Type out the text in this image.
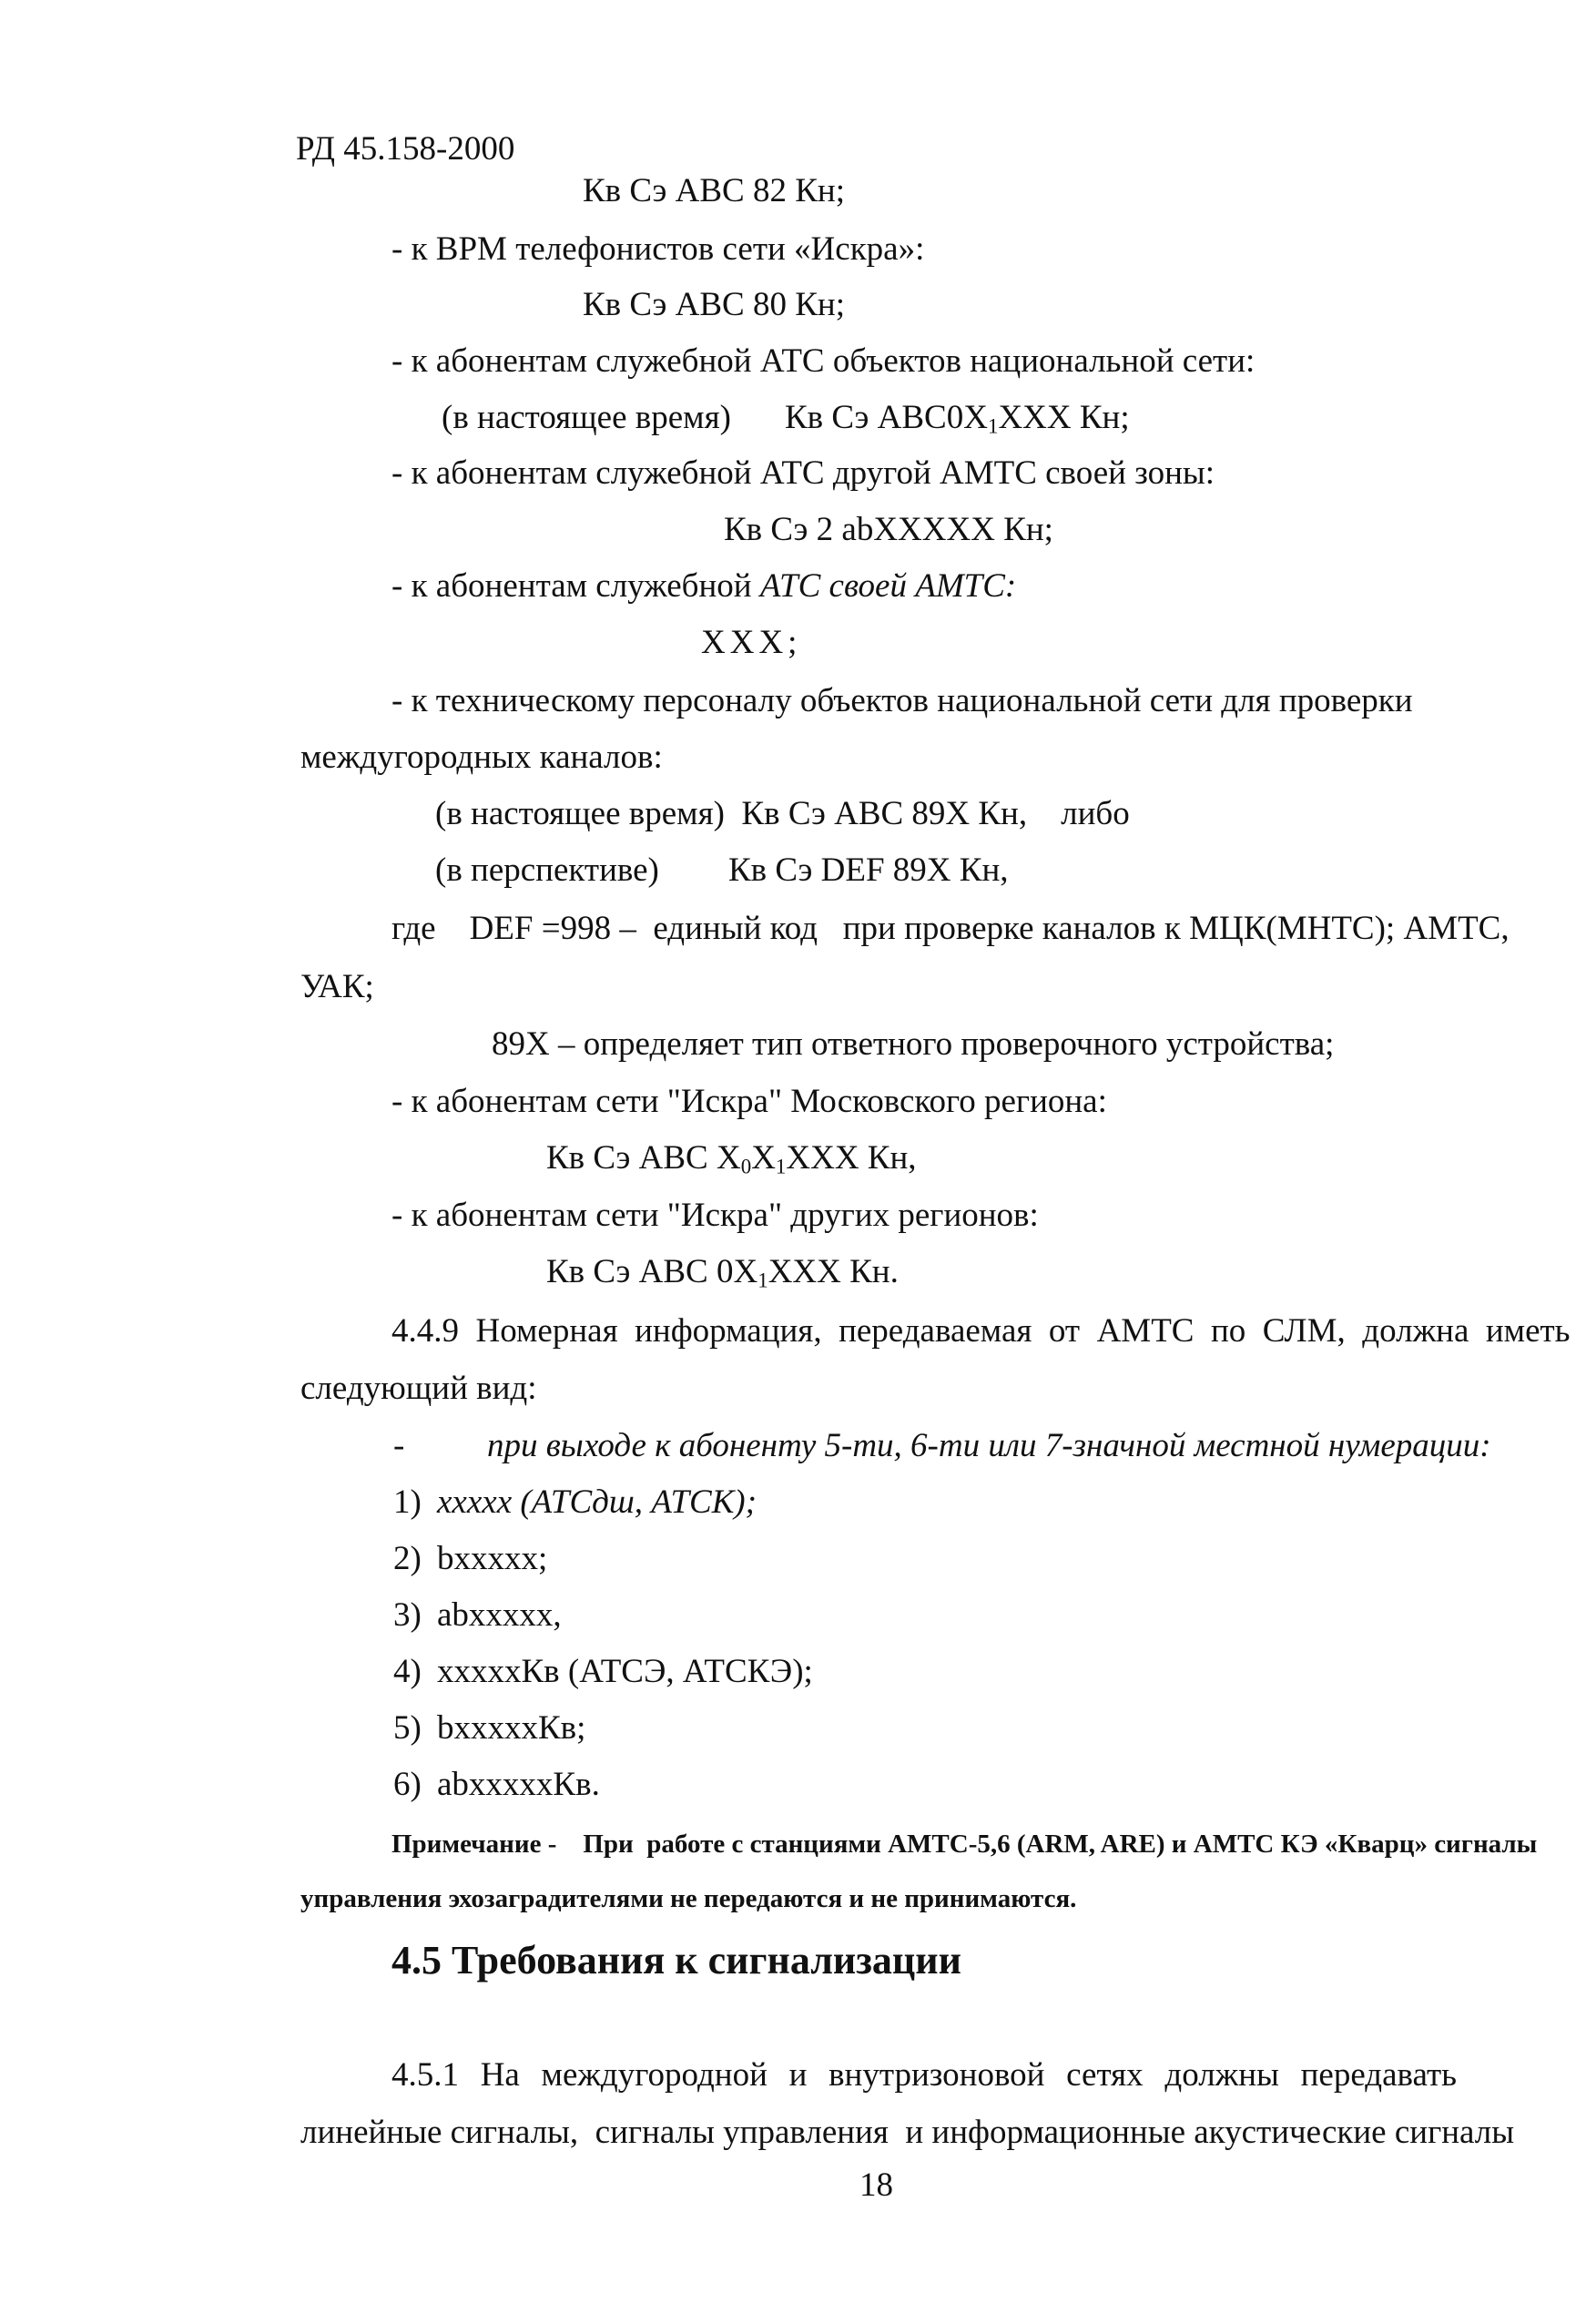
РД 45.158-2000
Кв Сэ АВС 82 Кн;
- к ВРМ телефонистов сети «Искра»:
Кв Сэ АВС 80 Кн;
- к абонентам служебной АТС объектов национальной сети:
(в настоящее время) Кв Сэ $АВС0Х_1ХХХ$ Кн;
- к абонентам служебной АТС другой АМТС своей зоны:
Кв Сэ 2 аbХХХХХ Кн;
- к абонентам служебной АТС своей АМТС:
ХХХ;
- к техническому персоналу объектов национальной сети для проверки
междугородных каналов:
(в настоящее время)  Кв Сэ АВС 89Х Кн,    либо
(в перспективе) Кв Сэ DEF 89Х Кн,
где    DEF =998 –  единый код   при проверке каналов к МЦК(МНТС); АМТС,
УАК;
89Х – определяет тип ответного проверочного устройства;
- к абонентам сети "Искра" Московского региона:
Кв Сэ АВС $Х_0Х_1ХХХ$ Кн,
- к абонентам сети "Искра" других регионов:
Кв Сэ АВС $0Х_1ХХХ$ Кн.
4.4.9  Номерная  информация,  передаваемая  от  АМТС  по  СЛМ,  должна  иметь
следующий вид:
- при выходе к абоненту 5-ти, 6-ти или 7-значной местной нумерации:
1) ххххх (АТСдш, АТСК);
2) bххххх;
3) аbххххх,
4) хххххКв (АТСЭ, АТСКЭ);
5) bхххххКв;
6) аbхххххКв.
Примечание -    При  работе с станциями АМТС-5,6 (ARM, ARE) и АМТС КЭ «Кварц» сигналы
управления эхозаградителями не передаются и не принимаются.
4.5 Требования к сигнализации
4.5.1  На  междугородной  и  внутризоновой  сетях  должны  передавать
линейные сигналы,  сигналы управления  и информационные акустические сигналы
18
